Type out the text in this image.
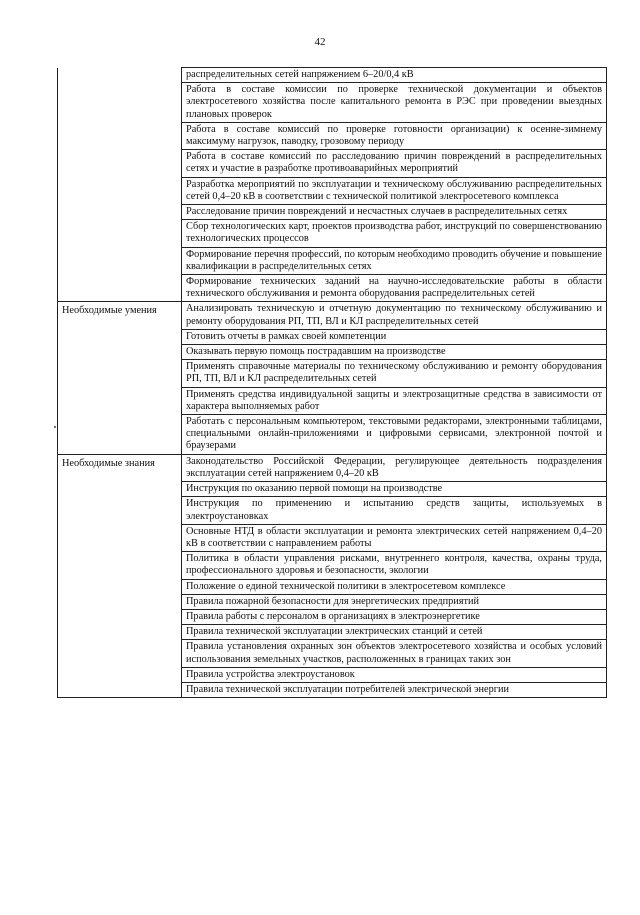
42
	распределительных сетей напряжением 6–20/0,4 кВ
	Работа в составе комиссии по проверке технической документации и объектов электросетевого хозяйства после капитального ремонта в РЭС при проведении выездных плановых проверок
	Работа в составе комиссий по проверке готовности организации) к осенне-зимнему максимуму нагрузок, паводку, грозовому периоду
	Работа в составе комиссий по расследованию причин повреждений в распределительных сетях и участие в разработке противоаварийных мероприятий
	Разработка мероприятий по эксплуатации и техническому обслуживанию распределительных сетей 0,4–20 кВ в соответствии с технической политикой электросетевого комплекса
	Расследование причин повреждений и несчастных случаев в распределительных сетях
	Сбор технологических карт, проектов производства работ, инструкций по совершенствованию технологических процессов
	Формирование перечня профессий, по которым необходимо проводить обучение и повышение квалификации в распределительных сетях
	Формирование технических заданий на научно-исследовательские работы в области технического обслуживания и ремонта оборудования распределительных сетей
Необходимые умения	Анализировать техническую и отчетную документацию по техническому обслуживанию и ремонту оборудования РП, ТП, ВЛ и КЛ распределительных сетей
	Готовить отчеты в рамках своей компетенции
	Оказывать первую помощь пострадавшим на производстве
	Применять справочные материалы по техническому обслуживанию и ремонту оборудования РП, ТП, ВЛ и КЛ распределительных сетей
	Применять средства индивидуальной защиты и электрозащитные средства в зависимости от характера выполняемых работ
	Работать с персональным компьютером, текстовыми редакторами, электронными таблицами, специальными онлайн-приложениями и цифровыми сервисами, электронной почтой и браузерами
Необходимые знания	Законодательство Российской Федерации, регулирующее деятельность подразделения эксплуатации сетей напряжением 0,4–20 кВ
	Инструкция по оказанию первой помощи на производстве
	Инструкция по применению и испытанию средств защиты, используемых в электроустановках
	Основные НТД в области эксплуатации и ремонта электрических сетей напряжением 0,4–20 кВ в соответствии с направлением работы
	Политика в области управления рисками, внутреннего контроля, качества, охраны труда, профессионального здоровья и безопасности, экологии
	Положение о единой технической политики в электросетевом комплексе
	Правила пожарной безопасности для энергетических предприятий
	Правила работы с персоналом в организациях в электроэнергетике
	Правила технической эксплуатации электрических станций и сетей
	Правила установления охранных зон объектов электросетевого хозяйства и особых условий использования земельных участков, расположенных в границах таких зон
	Правила устройства электроустановок
	Правила технической эксплуатации потребителей электрической энергии
